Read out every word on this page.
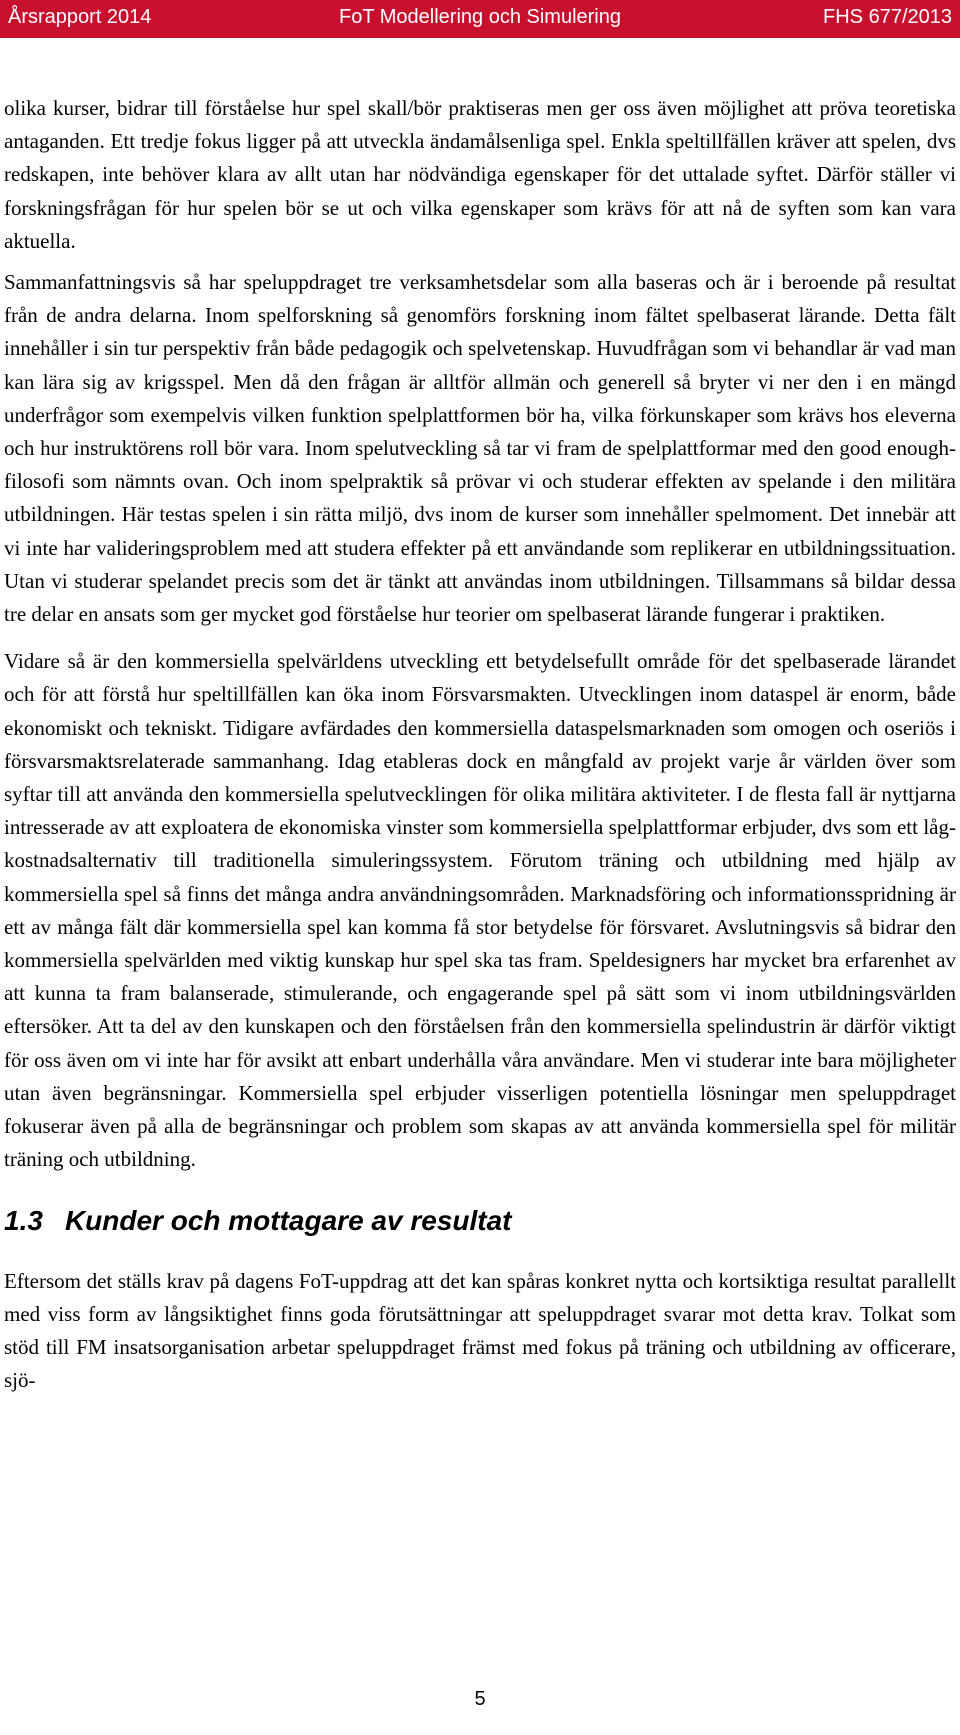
Årsrapport 2014	FoT Modellering och Simulering	FHS 677/2013

olika kurser, bidrar till förståelse hur spel skall/bör praktiseras men ger oss även möjlighet att pröva teoretiska antaganden. Ett tredje fokus ligger på att utveckla ändamålsenliga spel. Enkla speltillfällen kräver att spelen, dvs redskapen, inte behöver klara av allt utan har nödvändiga egenskaper för det uttalade syftet. Därför ställer vi forskningsfrågan för hur spelen bör se ut och vilka egenskaper som krävs för att nå de syften som kan vara aktuella.

Sammanfattningsvis så har speluppdraget tre verksamhetsdelar som alla baseras och är i beroende på resultat från de andra delarna. Inom spelforskning så genomförs forskning inom fältet spelbaserat lärande. Detta fält innehåller i sin tur perspektiv från både pedagogik och spelvetenskap. Huvudfrågan som vi behandlar är vad man kan lära sig av krigsspel. Men då den frågan är alltför allmän och generell så bryter vi ner den i en mängd underfrågor som exempelvis vilken funktion spelplattformen bör ha, vilka förkunskaper som krävs hos eleverna och hur instruktörens roll bör vara. Inom spelutveckling så tar vi fram de spelplattformar med den good enough-filosofi som nämnts ovan. Och inom spelpraktik så prövar vi och studerar effekten av spelande i den militära utbildningen. Här testas spelen i sin rätta miljö, dvs inom de kurser som innehåller spelmoment. Det innebär att vi inte har valideringsproblem med att studera effekter på ett användande som replikerar en utbildningssituation. Utan vi studerar spelandet precis som det är tänkt att användas inom utbildningen. Tillsammans så bildar dessa tre delar en ansats som ger mycket god förståelse hur teorier om spelbaserat lärande fungerar i praktiken.

Vidare så är den kommersiella spelvärldens utveckling ett betydelsefullt område för det spelbaserade lärandet och för att förstå hur speltillfällen kan öka inom Försvarsmakten. Utvecklingen inom dataspel är enorm, både ekonomiskt och tekniskt. Tidigare avfärdades den kommersiella dataspelsmarknaden som omogen och oseriös i försvarsmaktsrelaterade sammanhang. Idag etableras dock en mångfald av projekt varje år världen över som syftar till att använda den kommersiella spelutvecklingen för olika militära aktiviteter. I de flesta fall är nyttjarna intresserade av att exploatera de ekonomiska vinster som kommersiella spelplattformar erbjuder, dvs som ett lågkostnadsalternativ till traditionella simuleringssystem. Förutom träning och utbildning med hjälp av kommersiella spel så finns det många andra användningsområden. Marknadsföring och informationsspridning är ett av många fält där kommersiella spel kan komma få stor betydelse för försvaret. Avslutningsvis så bidrar den kommersiella spelvärlden med viktig kunskap hur spel ska tas fram. Speldesigners har mycket bra erfarenhet av att kunna ta fram balanserade, stimulerande, och engagerande spel på sätt som vi inom utbildningsvärlden eftersöker. Att ta del av den kunskapen och den förståelsen från den kommersiella spelindustrin är därför viktigt för oss även om vi inte har för avsikt att enbart underhålla våra användare. Men vi studerar inte bara möjligheter utan även begränsningar. Kommersiella spel erbjuder visserligen potentiella lösningar men speluppdraget fokuserar även på alla de begränsningar och problem som skapas av att använda kommersiella spel för militär träning och utbildning.

1.3 Kunder och mottagare av resultat

Eftersom det ställs krav på dagens FoT-uppdrag att det kan spåras konkret nytta och kortsiktiga resultat parallellt med viss form av långsiktighet finns goda förutsättningar att speluppdraget svarar mot detta krav. Tolkat som stöd till FM insatsorganisation arbetar speluppdraget främst med fokus på träning och utbildning av officerare, sjö-

5
